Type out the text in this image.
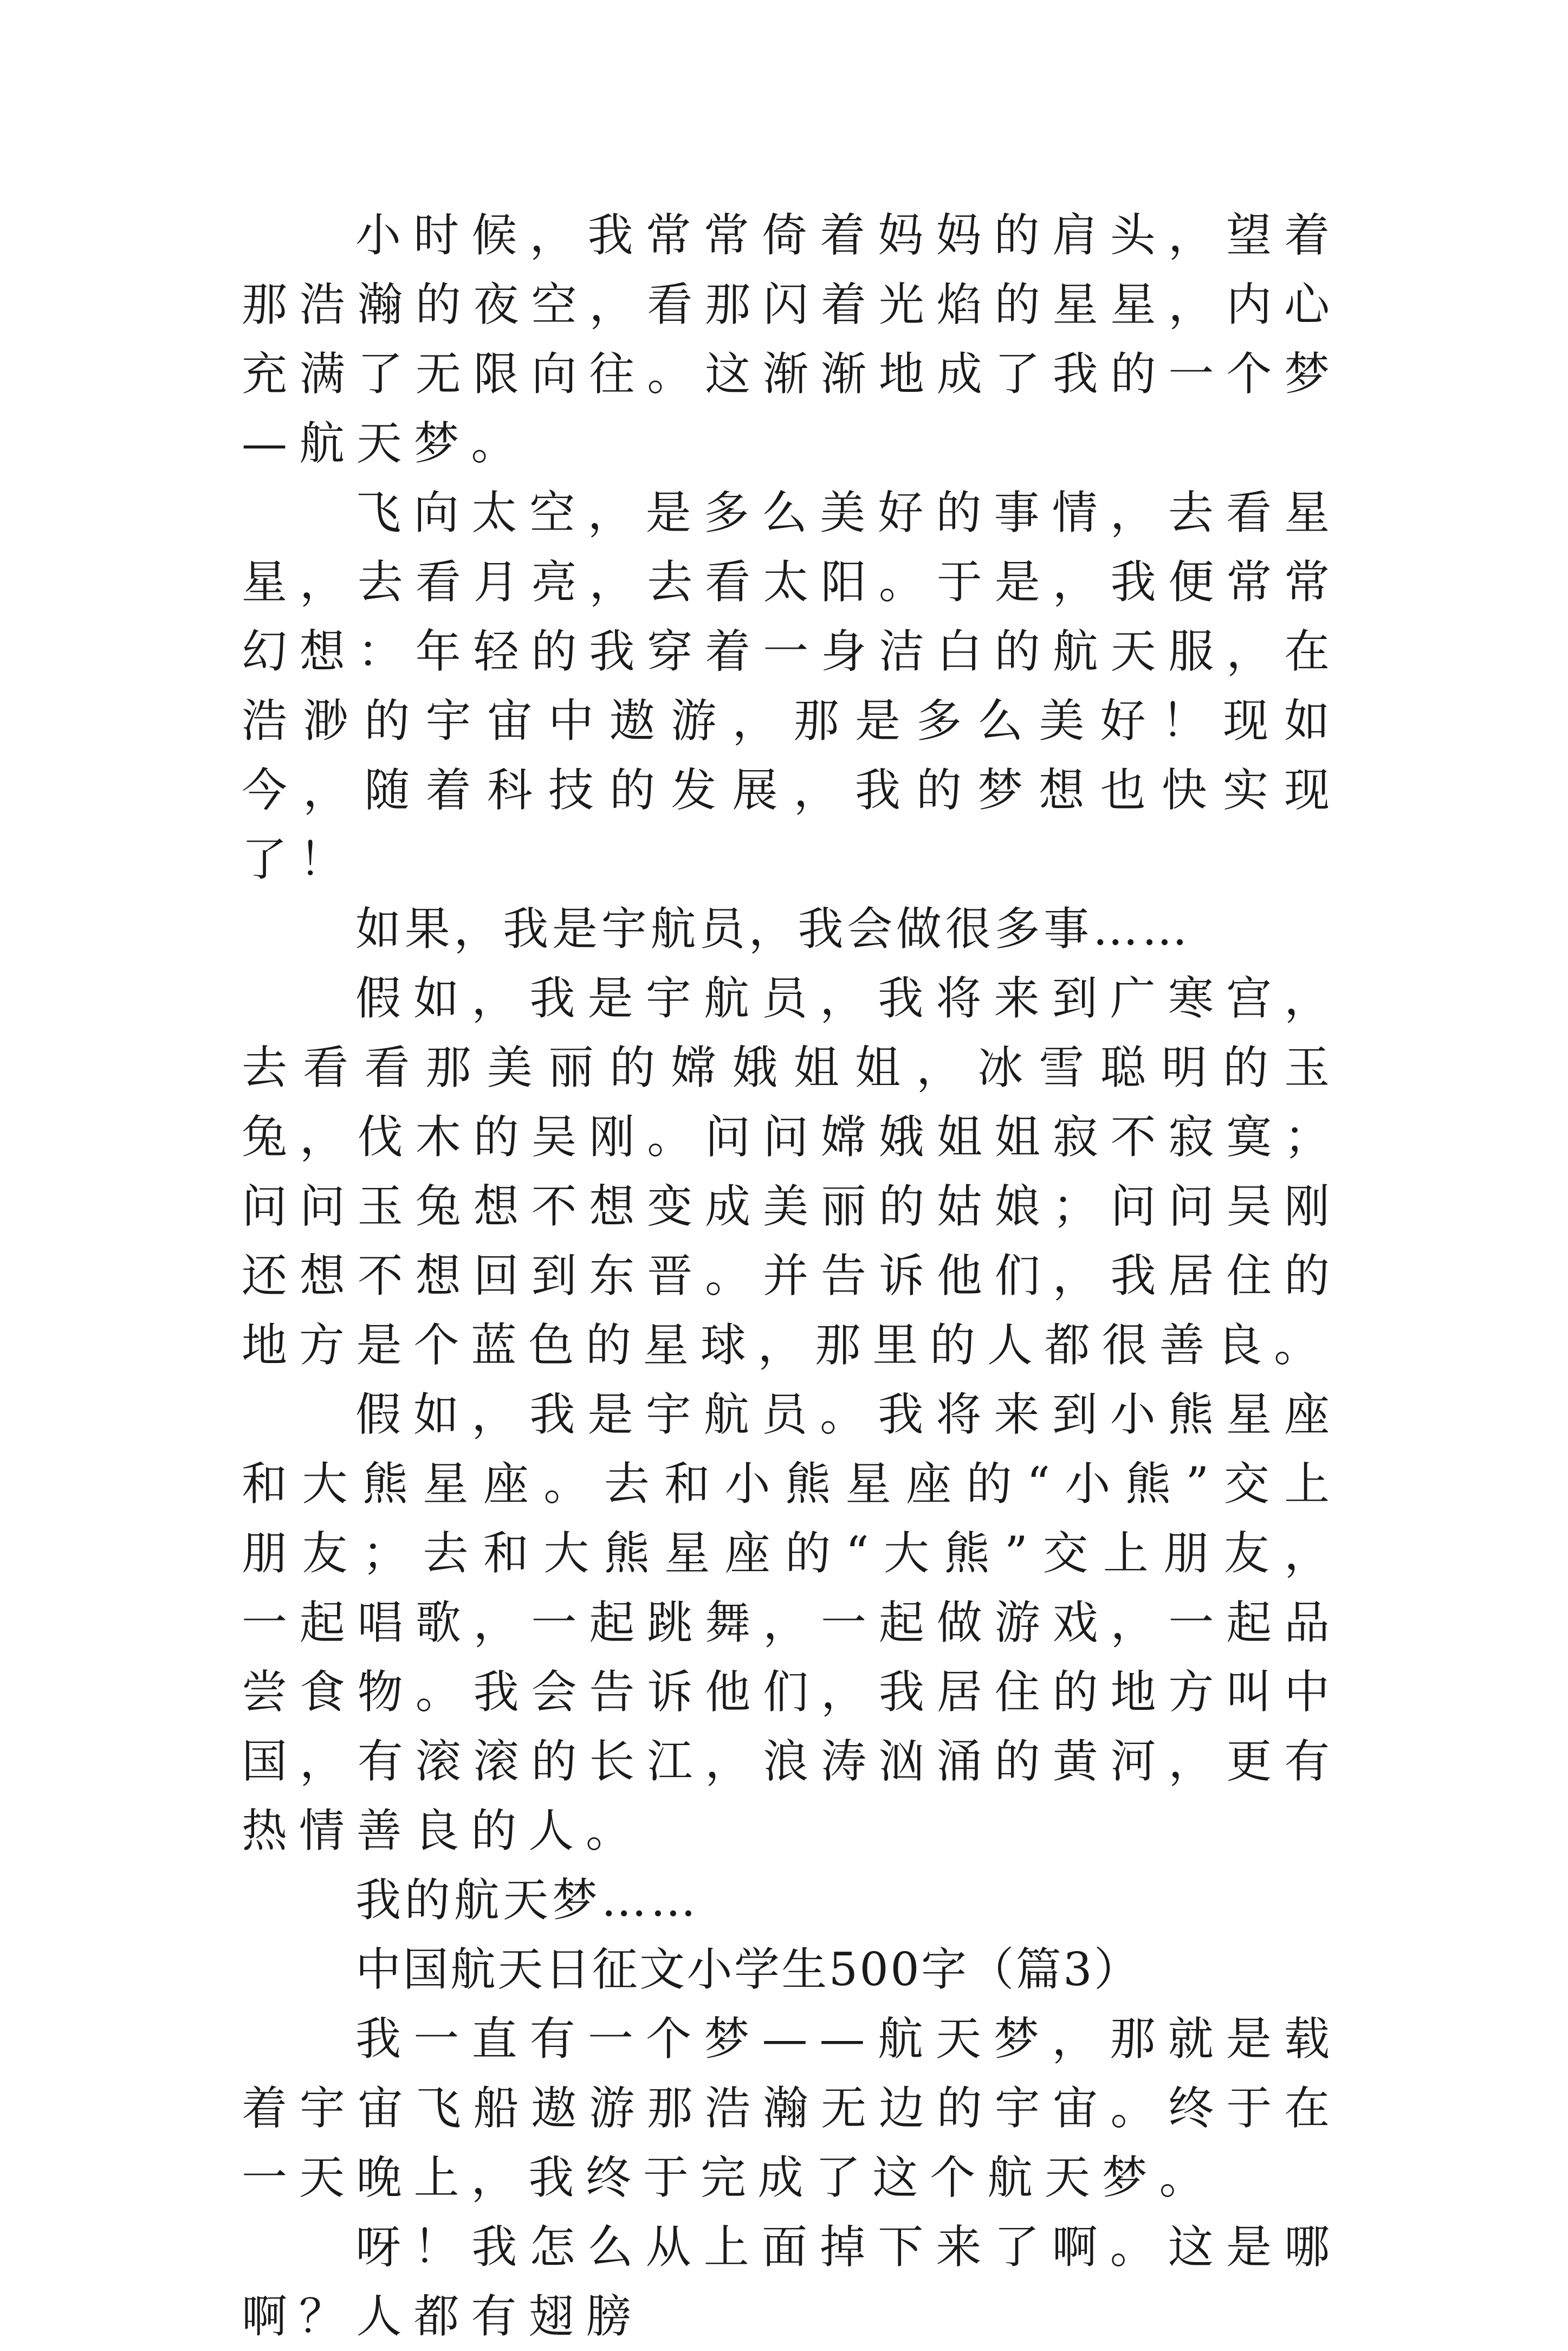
小时候，我常常倚着妈妈的肩头，望着那浩瀚的夜空，看那闪着光焰的星星，内心充满了无限向往。这渐渐地成了我的一个梦—航天梦。

飞向太空，是多么美好的事情，去看星星，去看月亮，去看太阳。于是，我便常常幻想：年轻的我穿着一身洁白的航天服，在浩渺的宇宙中遨游，那是多么美好！现如今，随着科技的发展，我的梦想也快实现了！

如果，我是宇航员，我会做很多事……

假如，我是宇航员，我将来到广寒宫，去看看那美丽的嫦娥姐姐，冰雪聪明的玉兔，伐木的吴刚。问问嫦娥姐姐寂不寂寞；问问玉兔想不想变成美丽的姑娘；问问吴刚还想不想回到东晋。并告诉他们，我居住的地方是个蓝色的星球，那里的人都很善良。

假如，我是宇航员。我将来到小熊星座和大熊星座。去和小熊星座的“小熊”交上朋友；去和大熊星座的“大熊”交上朋友，一起唱歌，一起跳舞，一起做游戏，一起品尝食物。我会告诉他们，我居住的地方叫中国，有滚滚的长江，浪涛汹涌的黄河，更有热情善良的人。

我的航天梦……

中国航天日征文小学生500字（篇3）

我一直有一个梦——航天梦，那就是载着宇宙飞船遨游那浩瀚无边的宇宙。终于在一天晚上，我终于完成了这个航天梦。

呀！我怎么从上面掉下来了啊。这是哪啊？人都有翅膀
